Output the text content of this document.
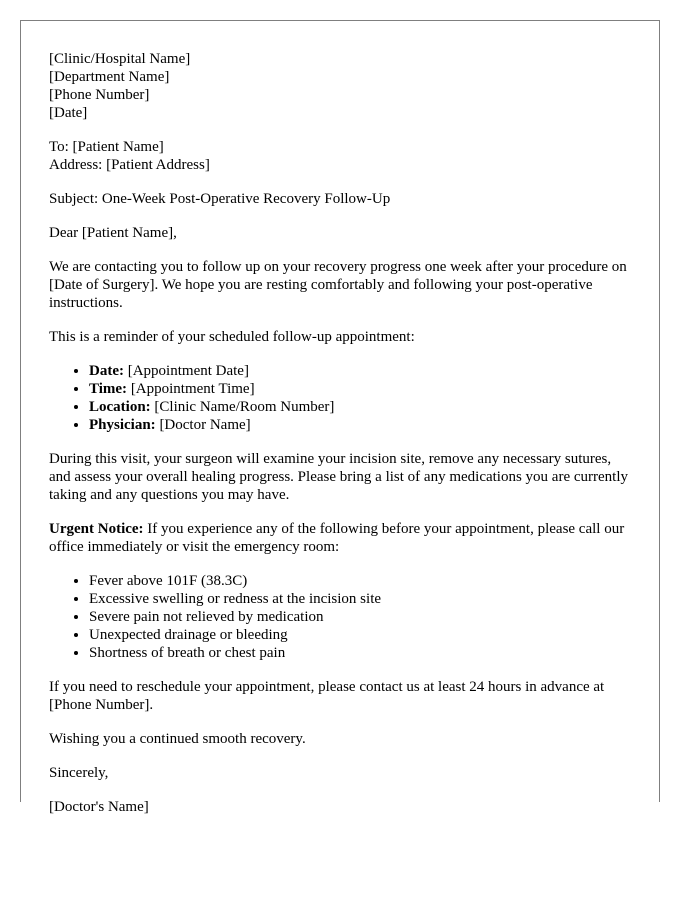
[Clinic/Hospital Name]
[Department Name]
[Phone Number]
[Date]
To: [Patient Name]
Address: [Patient Address]

Subject: One-Week Post-Operative Recovery Follow-Up

Dear [Patient Name],

We are contacting you to follow up on your recovery progress one week after your procedure on [Date of Surgery]. We hope you are resting comfortably and following your post-operative instructions.

This is a reminder of your scheduled follow-up appointment:

• Date: [Appointment Date]
• Time: [Appointment Time]
• Location: [Clinic Name/Room Number]
• Physician: [Doctor Name]

During this visit, your surgeon will examine your incision site, remove any necessary sutures, and assess your overall healing progress. Please bring a list of any medications you are currently taking and any questions you may have.

Urgent Notice: If you experience any of the following before your appointment, please call our office immediately or visit the emergency room:

• Fever above 101F (38.3C)
• Excessive swelling or redness at the incision site
• Severe pain not relieved by medication
• Unexpected drainage or bleeding
• Shortness of breath or chest pain

If you need to reschedule your appointment, please contact us at least 24 hours in advance at [Phone Number].

Wishing you a continued smooth recovery.

Sincerely,

[Doctor's Name]
